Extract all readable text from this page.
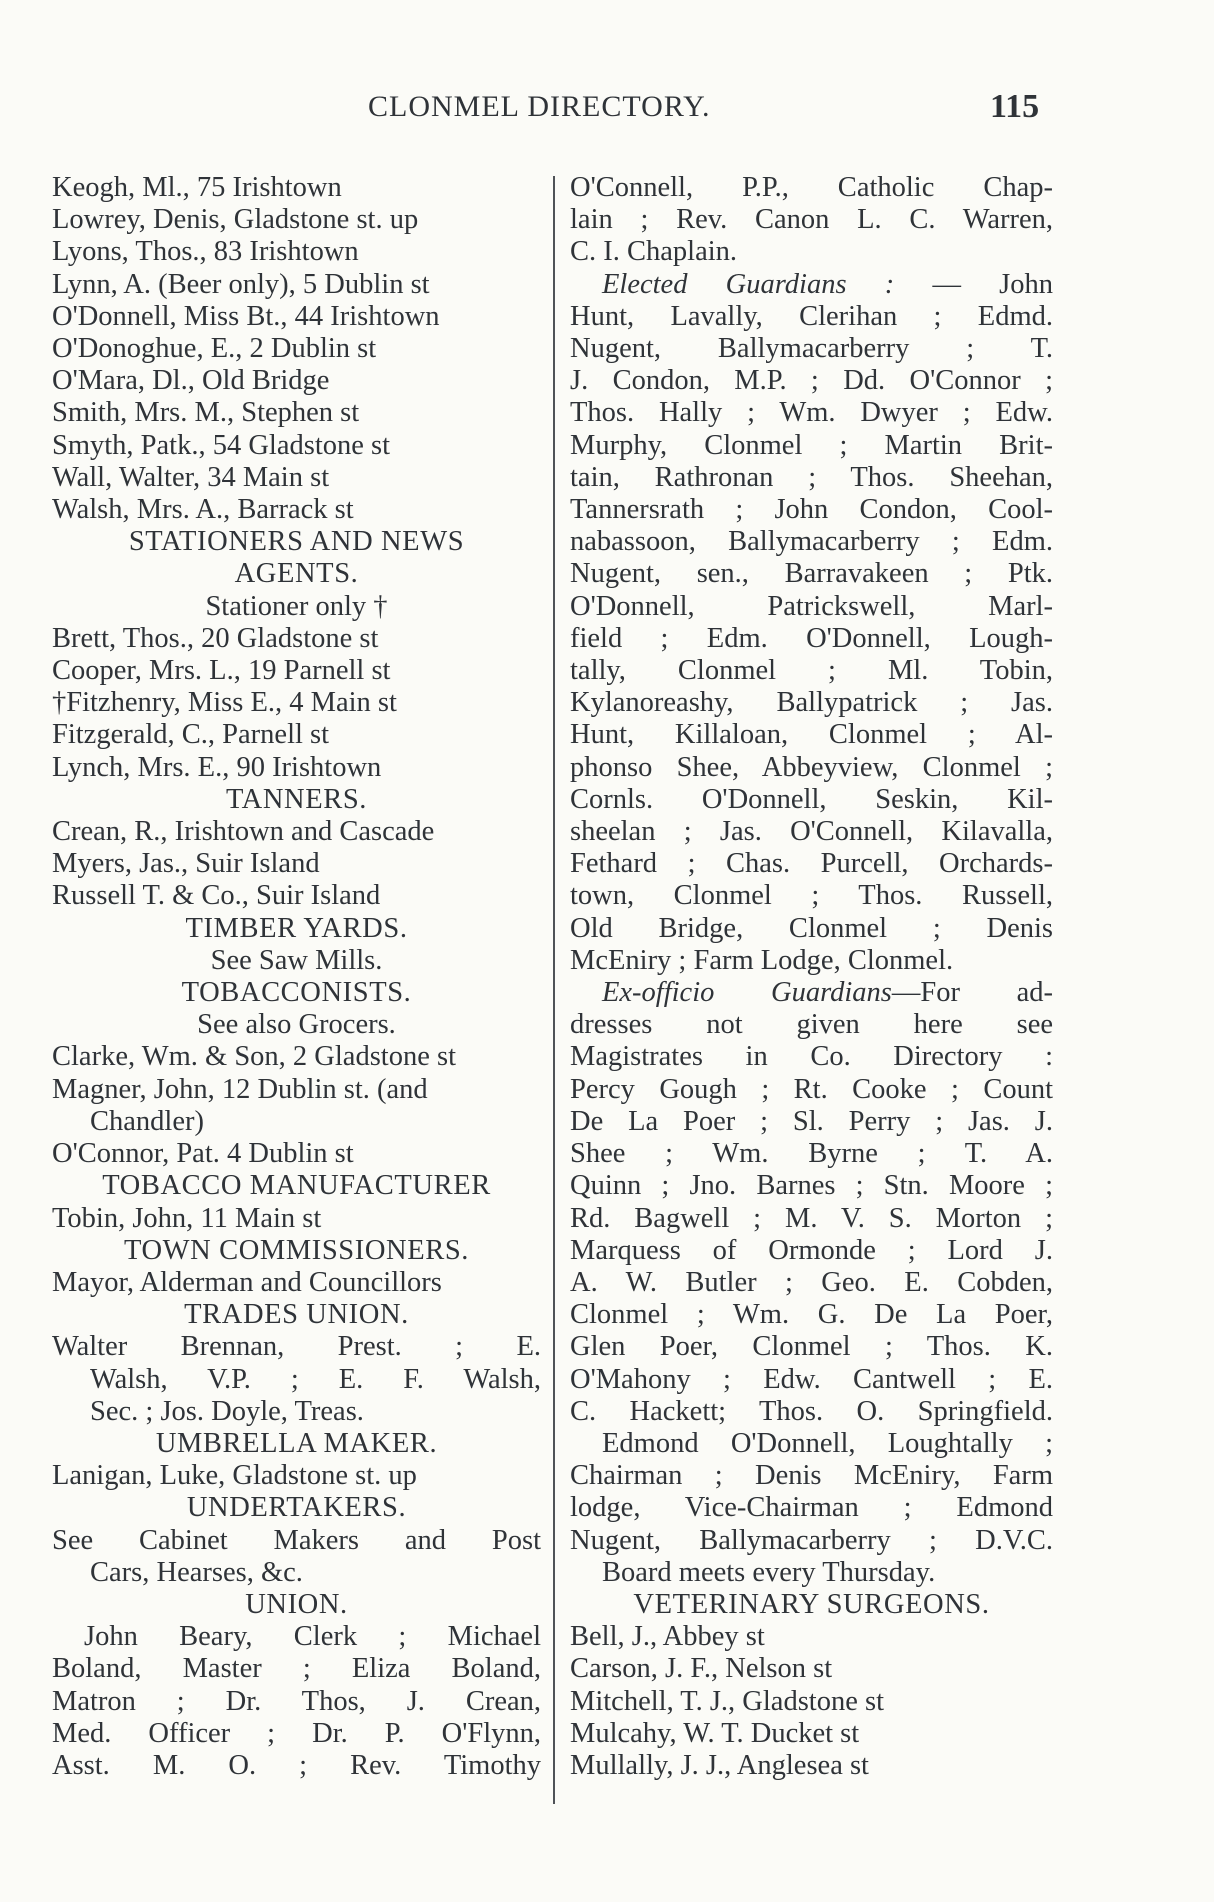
CLONMEL DIRECTORY.	115
Keogh, Ml., 75 Irishtown
Lowrey, Denis, Gladstone st. up
Lyons, Thos., 83 Irishtown
Lynn, A. (Beer only), 5 Dublin st
O'Donnell, Miss Bt., 44 Irishtown
O'Donoghue, E., 2 Dublin st
O'Mara, Dl., Old Bridge
Smith, Mrs. M., Stephen st
Smyth, Patk., 54 Gladstone st
Wall, Walter, 34 Main st
Walsh, Mrs. A., Barrack st
STATIONERS AND NEWS
AGENTS.
Stationer only †
Brett, Thos., 20 Gladstone st
Cooper, Mrs. L., 19 Parnell st
†Fitzhenry, Miss E., 4 Main st
Fitzgerald, C., Parnell st
Lynch, Mrs. E., 90 Irishtown
TANNERS.
Crean, R., Irishtown and Cascade
Myers, Jas., Suir Island
Russell T. & Co., Suir Island
TIMBER YARDS.
See Saw Mills.
TOBACCONISTS.
See also Grocers.
Clarke, Wm. & Son, 2 Gladstone st
Magner, John, 12 Dublin st. (and
Chandler)
O'Connor, Pat. 4 Dublin st
TOBACCO MANUFACTURER
Tobin, John, 11 Main st
TOWN COMMISSIONERS.
Mayor, Alderman and Councillors
TRADES UNION.
Walter Brennan, Prest. ; E.
Walsh, V.P. ; E. F. Walsh,
Sec. ; Jos. Doyle, Treas.
UMBRELLA MAKER.
Lanigan, Luke, Gladstone st. up
UNDERTAKERS.
See Cabinet Makers and Post
Cars, Hearses, &c.
UNION.
John Beary, Clerk ; Michael
Boland, Master ; Eliza Boland,
Matron ; Dr. Thos, J. Crean,
Med. Officer ; Dr. P. O'Flynn,
Asst. M. O. ; Rev. Timothy
O'Connell, P.P., Catholic Chap-
lain ; Rev. Canon L. C. Warren,
C. I. Chaplain.
Elected Guardians : — John
Hunt, Lavally, Clerihan ; Edmd.
Nugent, Ballymacarberry ; T.
J. Condon, M.P. ; Dd. O'Connor ;
Thos. Hally ; Wm. Dwyer ; Edw.
Murphy, Clonmel ; Martin Brit-
tain, Rathronan ; Thos. Sheehan,
Tannersrath ; John Condon, Cool-
nabassoon, Ballymacarberry ; Edm.
Nugent, sen., Barravakeen ; Ptk.
O'Donnell, Patrickswell, Marl-
field ; Edm. O'Donnell, Lough-
tally, Clonmel ; Ml. Tobin,
Kylanoreashy, Ballypatrick ; Jas.
Hunt, Killaloan, Clonmel ; Al-
phonso Shee, Abbeyview, Clonmel ;
Cornls. O'Donnell, Seskin, Kil-
sheelan ; Jas. O'Connell, Kilavalla,
Fethard ; Chas. Purcell, Orchards-
town, Clonmel ; Thos. Russell,
Old Bridge, Clonmel ; Denis
McEniry ; Farm Lodge, Clonmel.
Ex-officio Guardians—For ad-
dresses not given here see
Magistrates in Co. Directory :
Percy Gough ; Rt. Cooke ; Count
De La Poer ; Sl. Perry ; Jas. J.
Shee ; Wm. Byrne ; T. A.
Quinn ; Jno. Barnes ; Stn. Moore ;
Rd. Bagwell ; M. V. S. Morton ;
Marquess of Ormonde ; Lord J.
A. W. Butler ; Geo. E. Cobden,
Clonmel ; Wm. G. De La Poer,
Glen Poer, Clonmel ; Thos. K.
O'Mahony ; Edw. Cantwell ; E.
C. Hackett; Thos. O. Springfield.
Edmond O'Donnell, Loughtally ;
Chairman ; Denis McEniry, Farm
lodge, Vice-Chairman ; Edmond
Nugent, Ballymacarberry ; D.V.C.
Board meets every Thursday.
VETERINARY SURGEONS.
Bell, J., Abbey st
Carson, J. F., Nelson st
Mitchell, T. J., Gladstone st
Mulcahy, W. T. Ducket st
Mullally, J. J., Anglesea st
